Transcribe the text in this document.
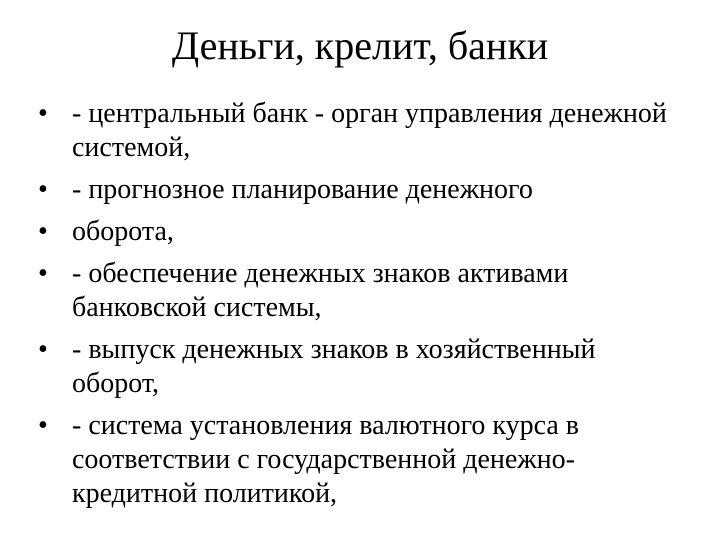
Деньги, крелит, банки
• - центральный банк - орган управления денежной системой,
• - прогнозное планирование денежного
• оборота,
• - обеспечение денежных знаков активами банковской системы,
• - выпуск денежных знаков в хозяйственный оборот,
• - система установления валютного курса в соответствии с государственной денежно-кредитной политикой,
